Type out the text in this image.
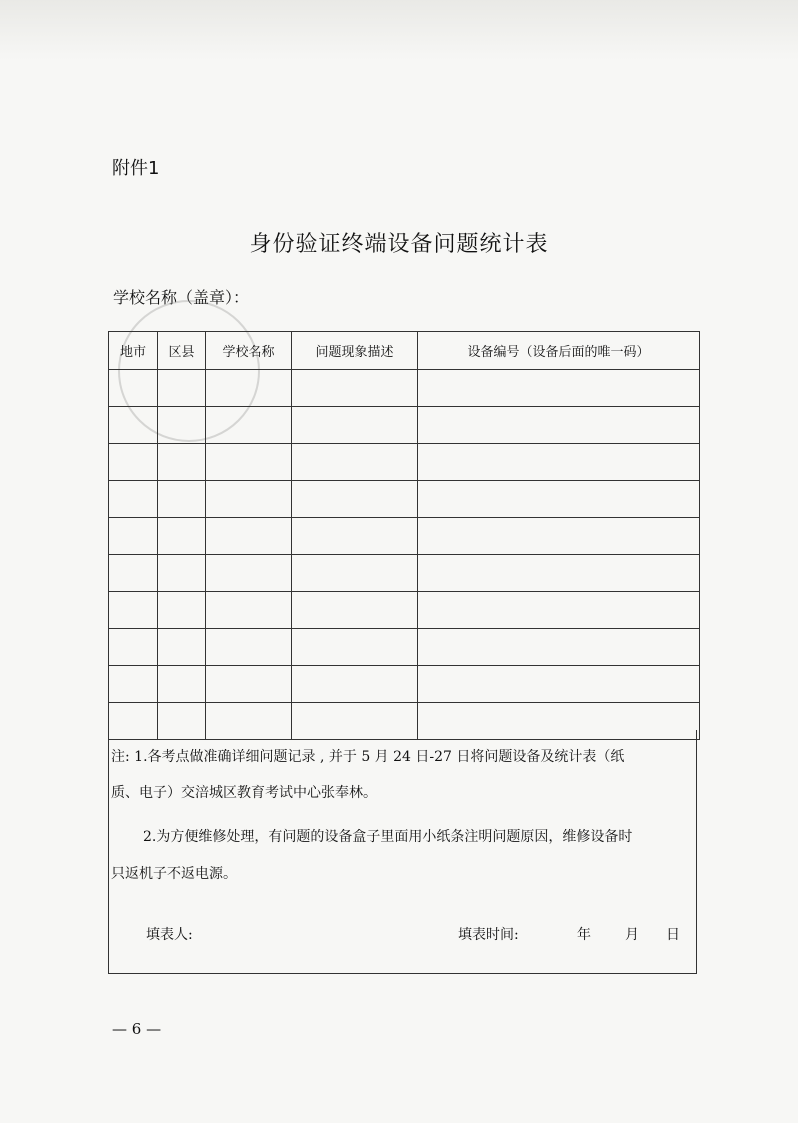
附件1
身份验证终端设备问题统计表
学校名称（盖章）：
地市	区县	学校名称	问题现象描述	设备编号（设备后面的唯一码）

注: 1.各考点做准确详细问题记录 , 并于 5 月 24 日-27 日将问题设备及统计表（纸
质、电子）交涪城区教育考试中心张奉林。
2.为方便维修处理，有问题的设备盒子里面用小纸条注明问题原因，维修设备时
只返机子不返电源。
填表人:	填表时间:	年 月 日
— 6 —
